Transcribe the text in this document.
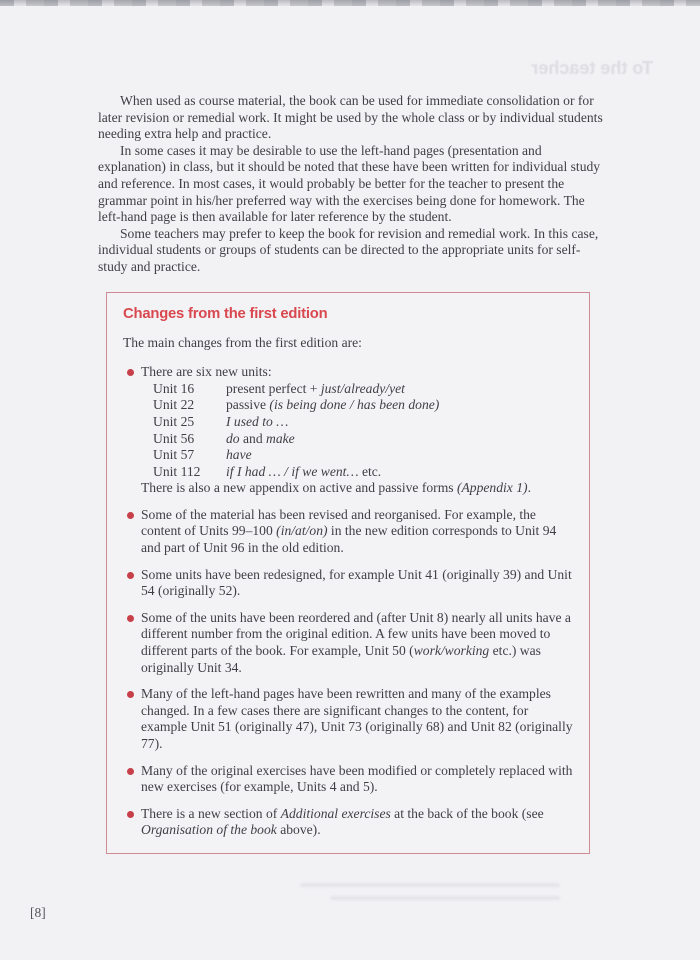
To the teacher

When used as course material, the book can be used for immediate consolidation or for later revision or remedial work. It might be used by the whole class or by individual students needing extra help and practice.

In some cases it may be desirable to use the left-hand pages (presentation and explanation) in class, but it should be noted that these have been written for individual study and reference. In most cases, it would probably be better for the teacher to present the grammar point in his/her preferred way with the exercises being done for homework. The left-hand page is then available for later reference by the student.

Some teachers may prefer to keep the book for revision and remedial work. In this case, individual students or groups of students can be directed to the appropriate units for self-study and practice.

Changes from the first edition

The main changes from the first edition are:

There are six new units:
Unit 16	present perfect + just/already/yet
Unit 22	passive (is being done / has been done)
Unit 25	I used to …
Unit 56	do and make
Unit 57	have
Unit 112	if I had … / if we went… etc.
There is also a new appendix on active and passive forms (Appendix 1).
Some of the material has been revised and reorganised. For example, the content of Units 99–100 (in/at/on) in the new edition corresponds to Unit 94 and part of Unit 96 in the old edition.
Some units have been redesigned, for example Unit 41 (originally 39) and Unit 54 (originally 52).
Some of the units have been reordered and (after Unit 8) nearly all units have a different number from the original edition. A few units have been moved to different parts of the book. For example, Unit 50 (work/working etc.) was originally Unit 34.
Many of the left-hand pages have been rewritten and many of the examples changed. In a few cases there are significant changes to the content, for example Unit 51 (originally 47), Unit 73 (originally 68) and Unit 82 (originally 77).
Many of the original exercises have been modified or completely replaced with new exercises (for example, Units 4 and 5).
There is a new section of Additional exercises at the back of the book (see Organisation of the book above).
[8]
